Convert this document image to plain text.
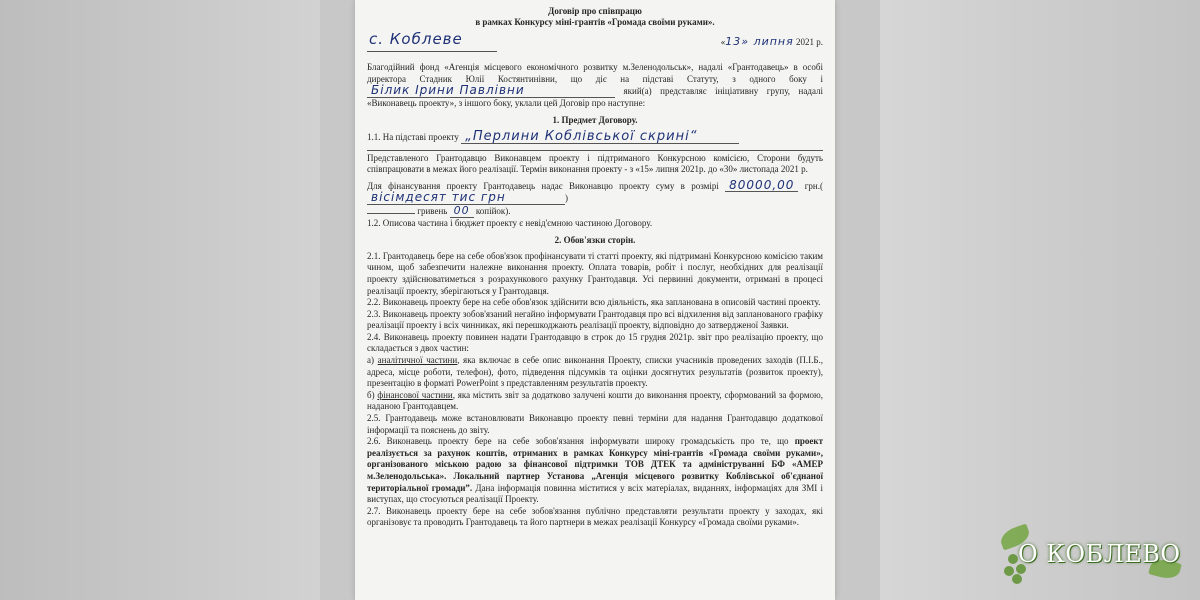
Договір про співпрацю
в рамках Конкурсу міні-грантів «Громада своїми руками».
с. Коблеве	«13» липня 2021 р.

Благодійний фонд «Агенція місцевого економічного розвитку м.Зеленодольськ», надалі «Грантодавець» в особі директора Стадник Юлії Костянтинівни, що діє на підставі Статуту, з одного боку і Білик Ірини Павлівни	який(а) представляє ініціативну групу, надалі «Виконавець проекту», з іншого боку, уклали цей Договір про наступне:

1. Предмет Договору.

1.1. На підставі проекту „Перлини Коблівської скрині“

Представленого Грантодавцю Виконавцем проекту і підтриманого Конкурсною комісією, Сторони будуть співпрацювати в межах його реалізації. Термін виконання проекту - з «15» липня 2021р. до «30» листопада 2021 р.

Для фінансування проекту Грантодавець надає Виконавцю проекту суму в розмірі 80000,00 грн.( вісімдесят тис грн	)
гривень 00 копійок).

1.2. Описова частина і бюджет проекту є невід'ємною частиною Договору.

2. Обов'язки сторін.

2.1. Грантодавець бере на себе обов'язок профінансувати ті статті проекту, які підтримані Конкурсною комісією таким чином, щоб забезпечити належне виконання проекту. Оплата товарів, робіт і послуг, необхідних для реалізації проекту здійснюватиметься з розрахункового рахунку Грантодавця. Усі первинні документи, отримані в процесі реалізації проекту, зберігаються у Грантодавця.

2.2. Виконавець проекту бере на себе обов'язок здійснити всю діяльність, яка запланована в описовій частині проекту.

2.3. Виконавець проекту зобов'язаний негайно інформувати Грантодавця про всі відхилення від запланованого графіку реалізації проекту і всіх чинниках, які перешкоджають реалізації проекту, відповідно до затвердженої Заявки.

2.4. Виконавець проекту повинен надати Грантодавцю в строк до 15 грудня 2021р. звіт про реалізацію проекту, що складається з двох частин:

а) аналітичної частини, яка включає в себе опис виконання Проекту, списки учасників проведених заходів (П.І.Б., адреса, місце роботи, телефон), фото, підведення підсумків та оцінки досягнутих результатів (розвиток проекту), презентацію в форматі PowerPoint з представленням результатів проекту.

б) фінансової частини, яка містить звіт за додатково залучені кошти до виконання проекту, сформований за формою, наданою Грантодавцем.

2.5. Грантодавець може встановлювати Виконавцю проекту певні терміни для надання Грантодавцю додаткової інформації та пояснень до звіту.

2.6. Виконавець проекту бере на себе зобов'язання інформувати широку громадськість про те, що проект реалізується за рахунок коштів, отриманих в рамках Конкурсу міні-грантів «Громада своїми руками», організованого міською радою за фінансової підтримки ТОВ ДТЕК та адмініструванні БФ «АМЕР м.Зеленодольська». Локальний партнер Установа „Агенція місцевого розвитку Коблівської об'єднаної територіальної громади”. Дана інформація повинна міститися у всіх матеріалах, виданнях, інформаціях для ЗМІ і виступах, що стосуються реалізації Проекту.

2.7. Виконавець проекту бере на себе зобов'язання публічно представляти результати проекту у заходах, які організовує та проводить Грантодавець та його партнери в межах реалізації Конкурсу «Громада своїми руками».

О КОБЛЕВО
